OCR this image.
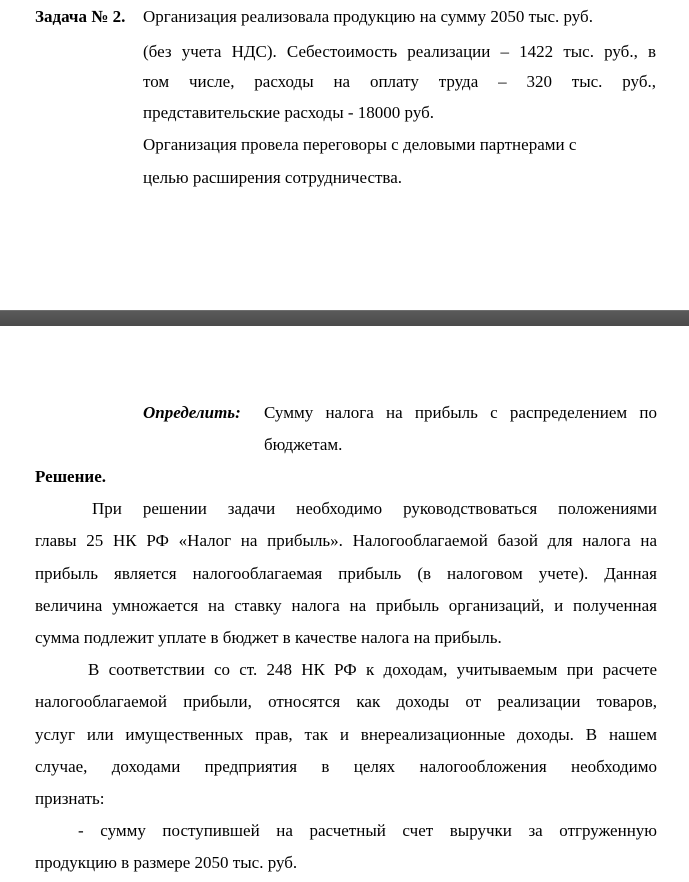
Задача № 2. Организация реализовала продукцию на сумму 2050 тыс. руб.
(без учета НДС). Себестоимость реализации – 1422 тыс. руб., в
том числе, расходы на оплату труда – 320 тыс. руб.,
представительские расходы - 18000 руб.
Организация провела переговоры с деловыми партнерами с
целью расширения сотрудничества.
Определить: Сумму налога на прибыль с распределением по
бюджетам.
Решение.
При решении задачи необходимо руководствоваться положениями
главы 25 НК РФ «Налог на прибыль». Налогооблагаемой базой для налога на
прибыль является налогооблагаемая прибыль (в налоговом учете). Данная
величина умножается на ставку налога на прибыль организаций, и полученная
сумма подлежит уплате в бюджет в качестве налога на прибыль.
В соответствии со ст. 248 НК РФ к доходам, учитываемым при расчете
налогооблагаемой прибыли, относятся как доходы от реализации товаров,
услуг или имущественных прав, так и внереализационные доходы. В нашем
случае, доходами предприятия в целях налогообложения необходимо
признать:
- сумму поступившей на расчетный счет выручки за отгруженную
продукцию в размере 2050 тыс. руб.
